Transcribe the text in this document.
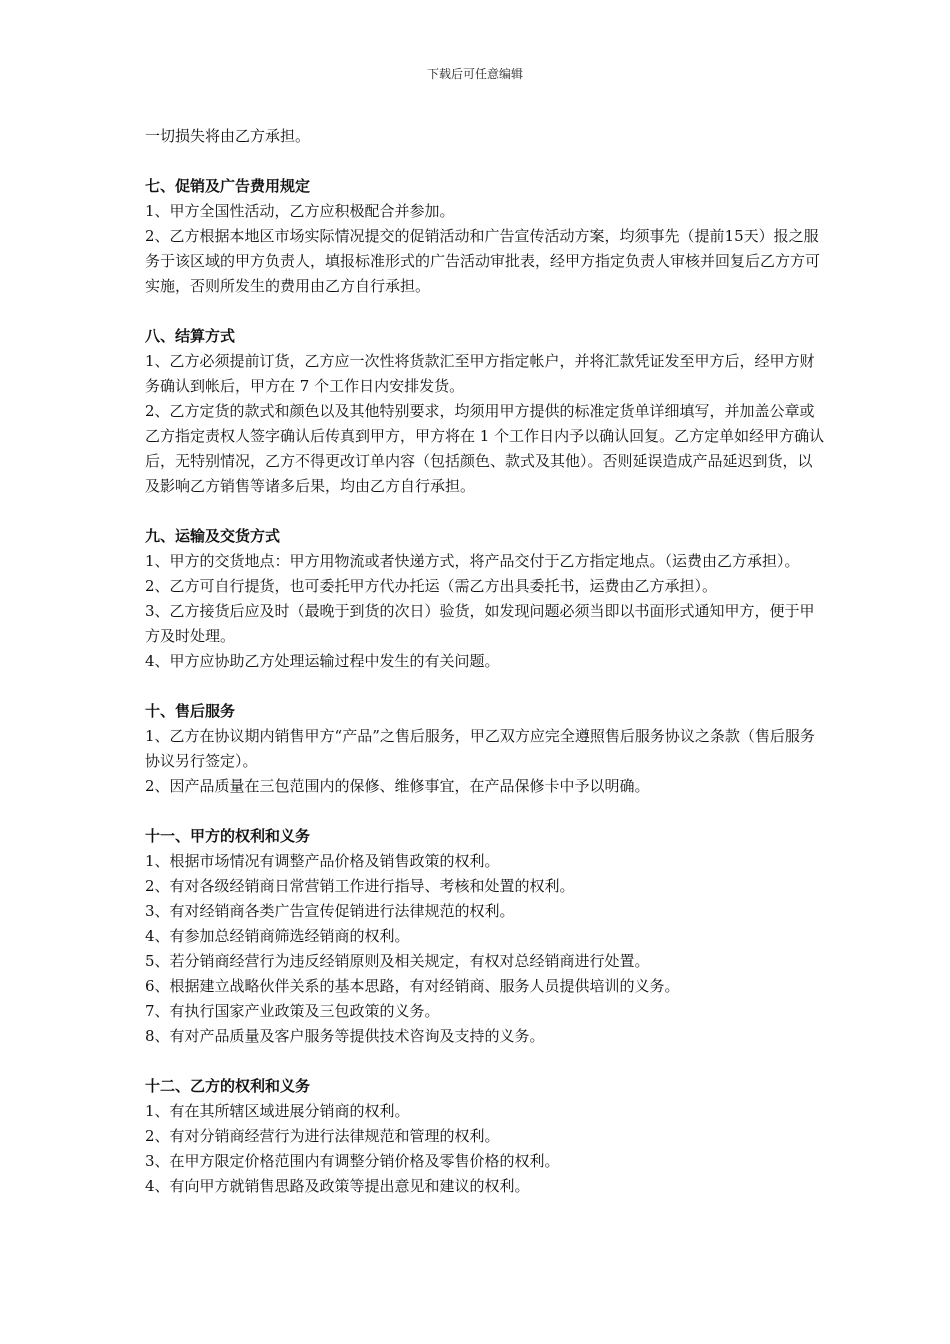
下载后可任意编辑

一切损失将由乙方承担。

七、促销及广告费用规定

1、甲方全国性活动，乙方应积极配合并参加。

2、乙方根据本地区市场实际情况提交的促销活动和广告宣传活动方案，均须事先（提前15天）报之服务于该区域的甲方负责人，填报标准形式的广告活动审批表，经甲方指定负责人审核并回复后乙方方可实施，否则所发生的费用由乙方自行承担。

八、结算方式

1、乙方必须提前订货，乙方应一次性将货款汇至甲方指定帐户，并将汇款凭证发至甲方后，经甲方财务确认到帐后，甲方在 7 个工作日内安排发货。

2、乙方定货的款式和颜色以及其他特别要求，均须用甲方提供的标准定货单详细填写，并加盖公章或乙方指定责权人签字确认后传真到甲方，甲方将在 1 个工作日内予以确认回复。乙方定单如经甲方确认后，无特别情况，乙方不得更改订单内容（包括颜色、款式及其他）。否则延误造成产品延迟到货，以及影响乙方销售等诸多后果，均由乙方自行承担。

九、运输及交货方式

1、甲方的交货地点：甲方用物流或者快递方式，将产品交付于乙方指定地点。（运费由乙方承担）。

2、乙方可自行提货，也可委托甲方代办托运（需乙方出具委托书，运费由乙方承担）。

3、乙方接货后应及时（最晚于到货的次日）验货，如发现问题必须当即以书面形式通知甲方，便于甲方及时处理。

4、甲方应协助乙方处理运输过程中发生的有关问题。

十、售后服务

1、乙方在协议期内销售甲方“产品”之售后服务，甲乙双方应完全遵照售后服务协议之条款（售后服务协议另行签定）。

2、因产品质量在三包范围内的保修、维修事宜，在产品保修卡中予以明确。

十一、甲方的权利和义务

1、根据市场情况有调整产品价格及销售政策的权利。

2、有对各级经销商日常营销工作进行指导、考核和处置的权利。

3、有对经销商各类广告宣传促销进行法律规范的权利。

4、有参加总经销商筛选经销商的权利。

5、若分销商经营行为违反经销原则及相关规定，有权对总经销商进行处置。

6、根据建立战略伙伴关系的基本思路，有对经销商、服务人员提供培训的义务。

7、有执行国家产业政策及三包政策的义务。

8、有对产品质量及客户服务等提供技术咨询及支持的义务。

十二、乙方的权利和义务

1、有在其所辖区域进展分销商的权利。

2、有对分销商经营行为进行法律规范和管理的权利。

3、在甲方限定价格范围内有调整分销价格及零售价格的权利。

4、有向甲方就销售思路及政策等提出意见和建议的权利。
